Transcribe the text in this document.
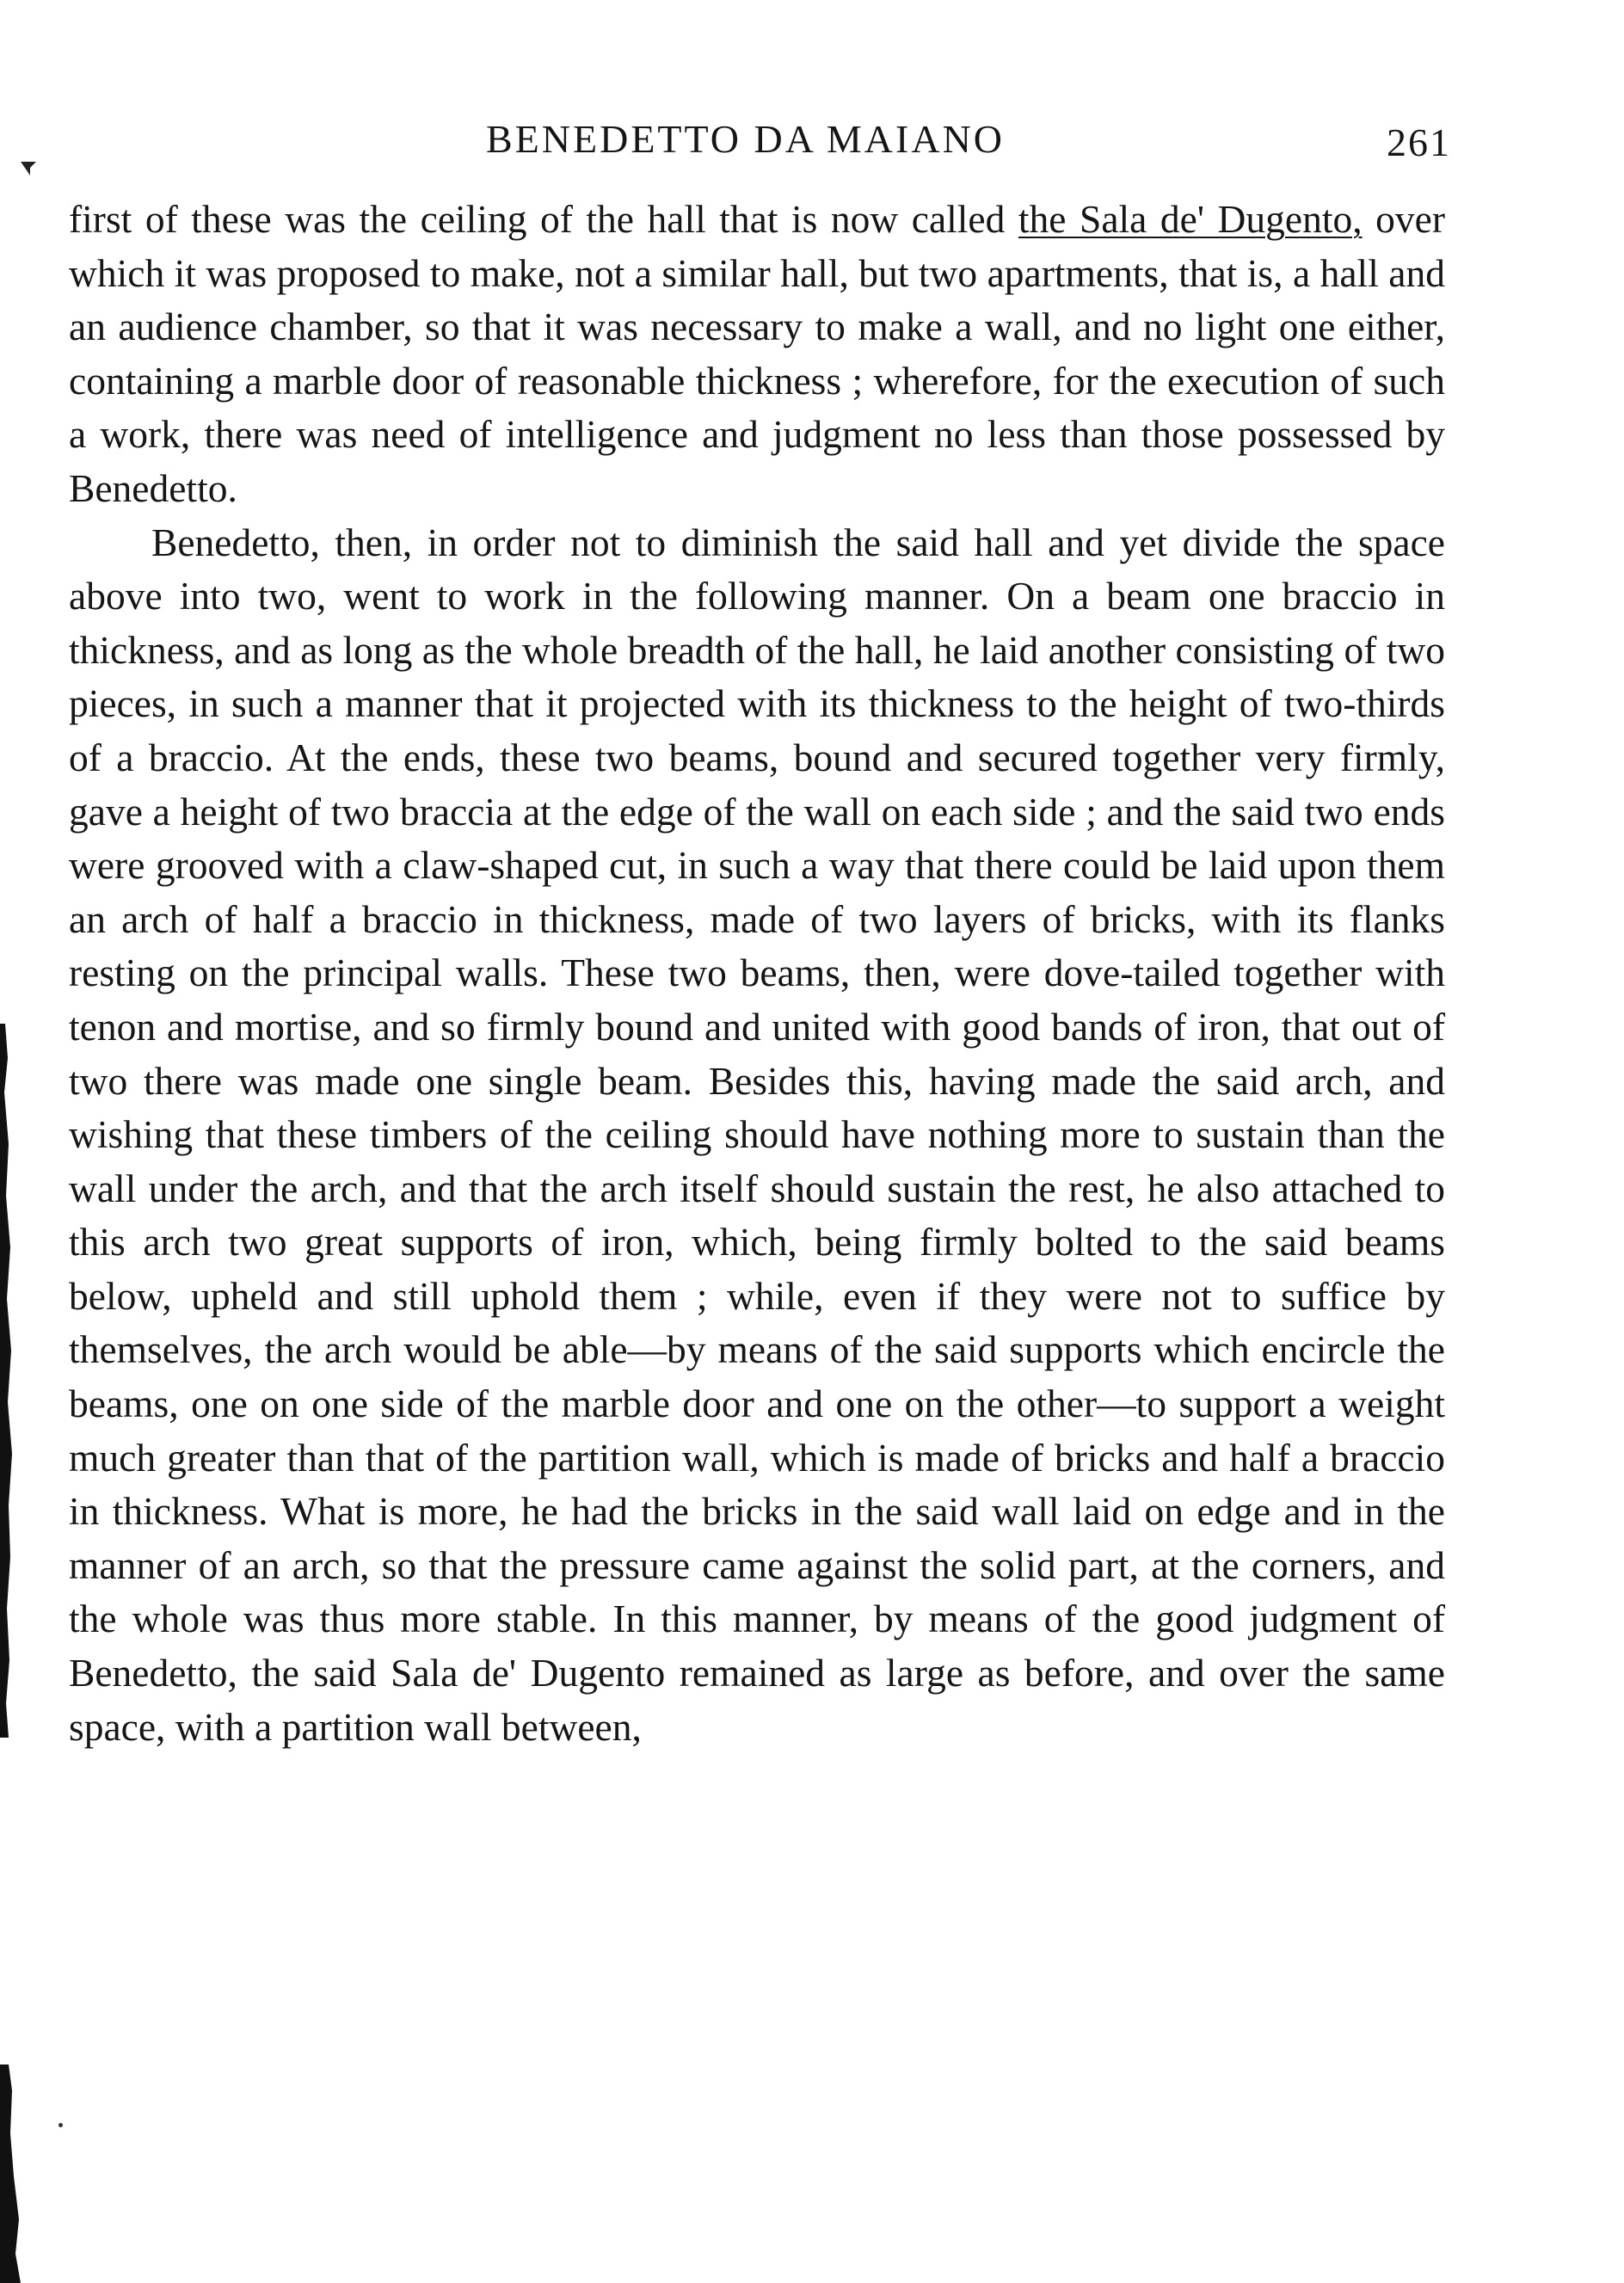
BENEDETTO DA MAIANO	261

first of these was the ceiling of the hall that is now called the Sala de' Dugento, over which it was proposed to make, not a similar hall, but two apartments, that is, a hall and an audience chamber, so that it was necessary to make a wall, and no light one either, containing a marble door of reasonable thickness ; wherefore, for the execution of such a work, there was need of intelligence and judgment no less than those possessed by Benedetto.

Benedetto, then, in order not to diminish the said hall and yet divide the space above into two, went to work in the following manner. On a beam one braccio in thickness, and as long as the whole breadth of the hall, he laid another consisting of two pieces, in such a manner that it projected with its thickness to the height of two-thirds of a braccio. At the ends, these two beams, bound and secured together very firmly, gave a height of two braccia at the edge of the wall on each side ; and the said two ends were grooved with a claw-shaped cut, in such a way that there could be laid upon them an arch of half a braccio in thickness, made of two layers of bricks, with its flanks resting on the principal walls. These two beams, then, were dove-tailed together with tenon and mortise, and so firmly bound and united with good bands of iron, that out of two there was made one single beam. Besides this, having made the said arch, and wishing that these timbers of the ceiling should have nothing more to sustain than the wall under the arch, and that the arch itself should sustain the rest, he also attached to this arch two great supports of iron, which, being firmly bolted to the said beams below, upheld and still uphold them ; while, even if they were not to suffice by themselves, the arch would be able—by means of the said supports which encircle the beams, one on one side of the marble door and one on the other—to support a weight much greater than that of the partition wall, which is made of bricks and half a braccio in thickness. What is more, he had the bricks in the said wall laid on edge and in the manner of an arch, so that the pressure came against the solid part, at the corners, and the whole was thus more stable. In this manner, by means of the good judgment of Benedetto, the said Sala de' Dugento remained as large as before, and over the same space, with a partition wall between,
